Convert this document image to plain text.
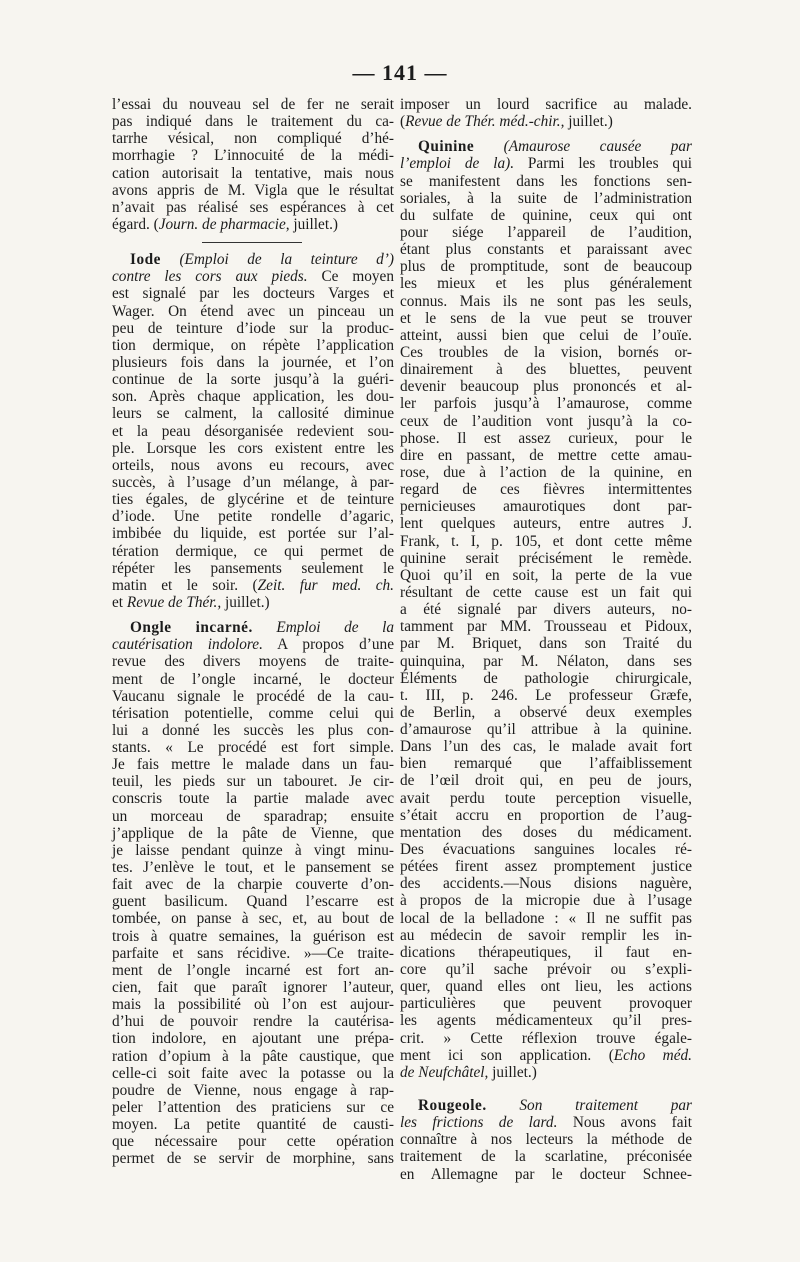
— 141 —
l’essai du nouveau sel de fer ne serait
pas indiqué dans le traitement du ca-
tarrhe vésical, non compliqué d’hé-
morrhagie ? L’innocuité de la médi-
cation autorisait la tentative, mais nous
avons appris de M. Vigla que le résultat
n’avait pas réalisé ses espérances à cet
égard. (Journ. de pharmacie, juillet.)
Iode (Emploi de la teinture d’)
contre les cors aux pieds. Ce moyen
est signalé par les docteurs Varges et
Wager. On étend avec un pinceau un
peu de teinture d’iode sur la produc-
tion dermique, on répète l’application
plusieurs fois dans la journée, et l’on
continue de la sorte jusqu’à la guéri-
son. Après chaque application, les dou-
leurs se calment, la callosité diminue
et la peau désorganisée redevient sou-
ple. Lorsque les cors existent entre les
orteils, nous avons eu recours, avec
succès, à l’usage d’un mélange, à par-
ties égales, de glycérine et de teinture
d’iode. Une petite rondelle d’agaric,
imbibée du liquide, est portée sur l’al-
tération dermique, ce qui permet de
répéter les pansements seulement le
matin et le soir. (Zeit. fur med. ch.
et Revue de Thér., juillet.)
Ongle incarné. Emploi de la
cautérisation indolore. A propos d’une
revue des divers moyens de traite-
ment de l’ongle incarné, le docteur
Vaucanu signale le procédé de la cau-
térisation potentielle, comme celui qui
lui a donné les succès les plus con-
stants. « Le procédé est fort simple.
Je fais mettre le malade dans un fau-
teuil, les pieds sur un tabouret. Je cir-
conscris toute la partie malade avec
un morceau de sparadrap; ensuite
j’applique de la pâte de Vienne, que
je laisse pendant quinze à vingt minu-
tes. J’enlève le tout, et le pansement se
fait avec de la charpie couverte d’on-
guent basilicum. Quand l’escarre est
tombée, on panse à sec, et, au bout de
trois à quatre semaines, la guérison est
parfaite et sans récidive. »—Ce traite-
ment de l’ongle incarné est fort an-
cien, fait que paraît ignorer l’auteur,
mais la possibilité où l’on est aujour-
d’hui de pouvoir rendre la cautérisa-
tion indolore, en ajoutant une prépa-
ration d’opium à la pâte caustique, que
celle-ci soit faite avec la potasse ou la
poudre de Vienne, nous engage à rap-
peler l’attention des praticiens sur ce
moyen. La petite quantité de causti-
que nécessaire pour cette opération
permet de se servir de morphine, sans
imposer un lourd sacrifice au malade.
(Revue de Thér. méd.-chir., juillet.)
Quinine (Amaurose causée par
l’emploi de la). Parmi les troubles qui
se manifestent dans les fonctions sen-
soriales, à la suite de l’administration
du sulfate de quinine, ceux qui ont
pour siége l’appareil de l’audition,
étant plus constants et paraissant avec
plus de promptitude, sont de beaucoup
les mieux et les plus généralement
connus. Mais ils ne sont pas les seuls,
et le sens de la vue peut se trouver
atteint, aussi bien que celui de l’ouïe.
Ces troubles de la vision, bornés or-
dinairement à des bluettes, peuvent
devenir beaucoup plus prononcés et al-
ler parfois jusqu’à l’amaurose, comme
ceux de l’audition vont jusqu’à la co-
phose. Il est assez curieux, pour le
dire en passant, de mettre cette amau-
rose, due à l’action de la quinine, en
regard de ces fièvres intermittentes
pernicieuses amaurotiques dont par-
lent quelques auteurs, entre autres J.
Frank, t. I, p. 105, et dont cette même
quinine serait précisément le remède.
Quoi qu’il en soit, la perte de la vue
résultant de cette cause est un fait qui
a été signalé par divers auteurs, no-
tamment par MM. Trousseau et Pidoux,
par M. Briquet, dans son Traité du
quinquina, par M. Nélaton, dans ses
Éléments de pathologie chirurgicale,
t. III, p. 246. Le professeur Græfe,
de Berlin, a observé deux exemples
d’amaurose qu’il attribue à la quinine.
Dans l’un des cas, le malade avait fort
bien remarqué que l’affaiblissement
de l’œil droit qui, en peu de jours,
avait perdu toute perception visuelle,
s’était accru en proportion de l’aug-
mentation des doses du médicament.
Des évacuations sanguines locales ré-
pétées firent assez promptement justice
des accidents.—Nous disions naguère,
à propos de la micropie due à l’usage
local de la belladone : « Il ne suffit pas
au médecin de savoir remplir les in-
dications thérapeutiques, il faut en-
core qu’il sache prévoir ou s’expli-
quer, quand elles ont lieu, les actions
particulières que peuvent provoquer
les agents médicamenteux qu’il pres-
crit. » Cette réflexion trouve égale-
ment ici son application. (Echo méd.
de Neufchâtel, juillet.)
Rougeole. Son traitement par
les frictions de lard. Nous avons fait
connaître à nos lecteurs la méthode de
traitement de la scarlatine, préconisée
en Allemagne par le docteur Schnee-
